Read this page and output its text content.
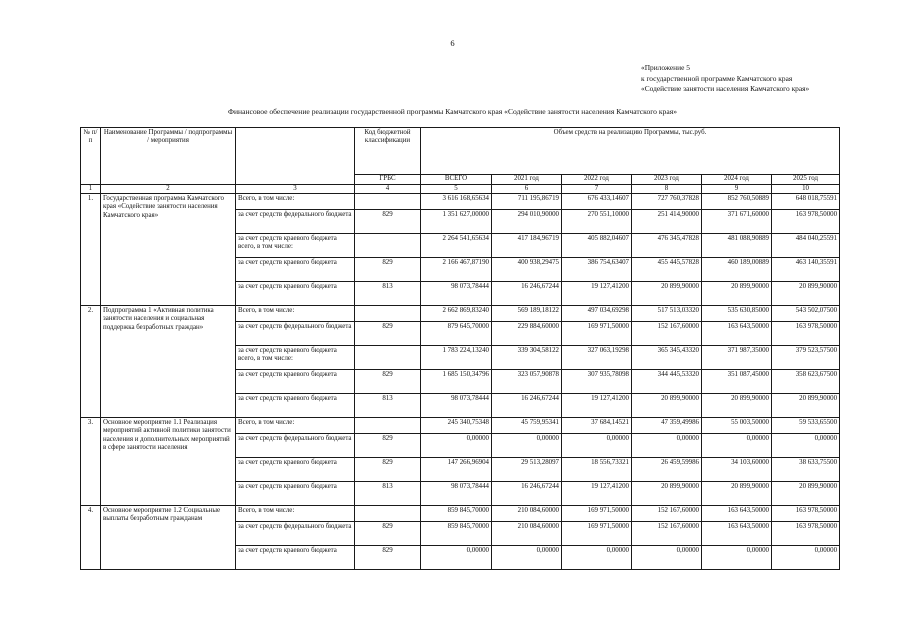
6
«Приложение 5
к государственной программе Камчатского края
«Содействие занятости населения Камчатского края»
Финансовое обеспечение реализации государственной программы Камчатского края «Содействие занятости населения Камчатского края»
№ п/п	Наименование Программы / подпрограммы / мероприятия		Код бюджетной классификации	Объем средств на реализацию Программы, тыс.руб.					
			ГРБС	ВСЕГО	2021 год	2022 год	2023 год	2024 год	2025 год
1	2	3	4	5	6	7	8	9	10
1.	Государственная программа Камчатского края «Содействие занятости населения Камчатского края»	Всего, в том числе:		3 616 168,65634	711 195,86719	676 433,14607	727 760,37828	852 760,50889	648 018,75591
		за счет средств федерального бюджета	829	1 351 627,00000	294 010,90000	270 551,10000	251 414,90000	371 671,60000	163 978,50000
		за счет средств краевого бюджета всего, в том числе:		2 264 541,65634	417 184,96719	405 882,04607	476 345,47828	481 088,90889	484 040,25591
		за счет средств краевого бюджета	829	2 166 467,87190	400 938,29475	386 754,63407	455 445,57828	460 189,00889	463 140,35591
		за счет средств краевого бюджета	813	98 073,78444	16 246,67244	19 127,41200	20 899,90000	20 899,90000	20 899,90000
2.	Подпрограмма 1 «Активная политика занятости населения и социальная поддержка безработных граждан»	Всего, в том числе:		2 662 869,83240	569 189,18122	497 034,69298	517 513,03320	535 630,85000	543 502,07500
		за счет средств федерального бюджета	829	879 645,70000	229 884,60000	169 971,50000	152 167,60000	163 643,50000	163 978,50000
		за счет средств краевого бюджета всего, в том числе:		1 783 224,13240	339 304,58122	327 063,19298	365 345,43320	371 987,35000	379 523,57500
		за счет средств краевого бюджета	829	1 685 150,34796	323 057,90878	307 935,78098	344 445,53320	351 087,45000	358 623,67500
		за счет средств краевого бюджета	813	98 073,78444	16 246,67244	19 127,41200	20 899,90000	20 899,90000	20 899,90000
3.	Основное мероприятие 1.1 Реализация мероприятий активной политики занятости населения и дополнительных мероприятий в сфере занятости населения	Всего, в том числе:		245 340,75348	45 759,95341	37 684,14521	47 359,49986	55 003,50000	59 533,65500
		за счет средств федерального бюджета	829	0,00000	0,00000	0,00000	0,00000	0,00000	0,00000
		за счет средств краевого бюджета	829	147 266,96904	29 513,28097	18 556,73321	26 459,59986	34 103,60000	38 633,75500
		за счет средств краевого бюджета	813	98 073,78444	16 246,67244	19 127,41200	20 899,90000	20 899,90000	20 899,90000
4.	Основное мероприятие 1.2 Социальные выплаты безработным гражданам	Всего, в том числе:		859 845,70000	210 084,60000	169 971,50000	152 167,60000	163 643,50000	163 978,50000
		за счет средств федерального бюджета	829	859 845,70000	210 084,60000	169 971,50000	152 167,60000	163 643,50000	163 978,50000
		за счет средств краевого бюджета	829	0,00000	0,00000	0,00000	0,00000	0,00000	0,00000
